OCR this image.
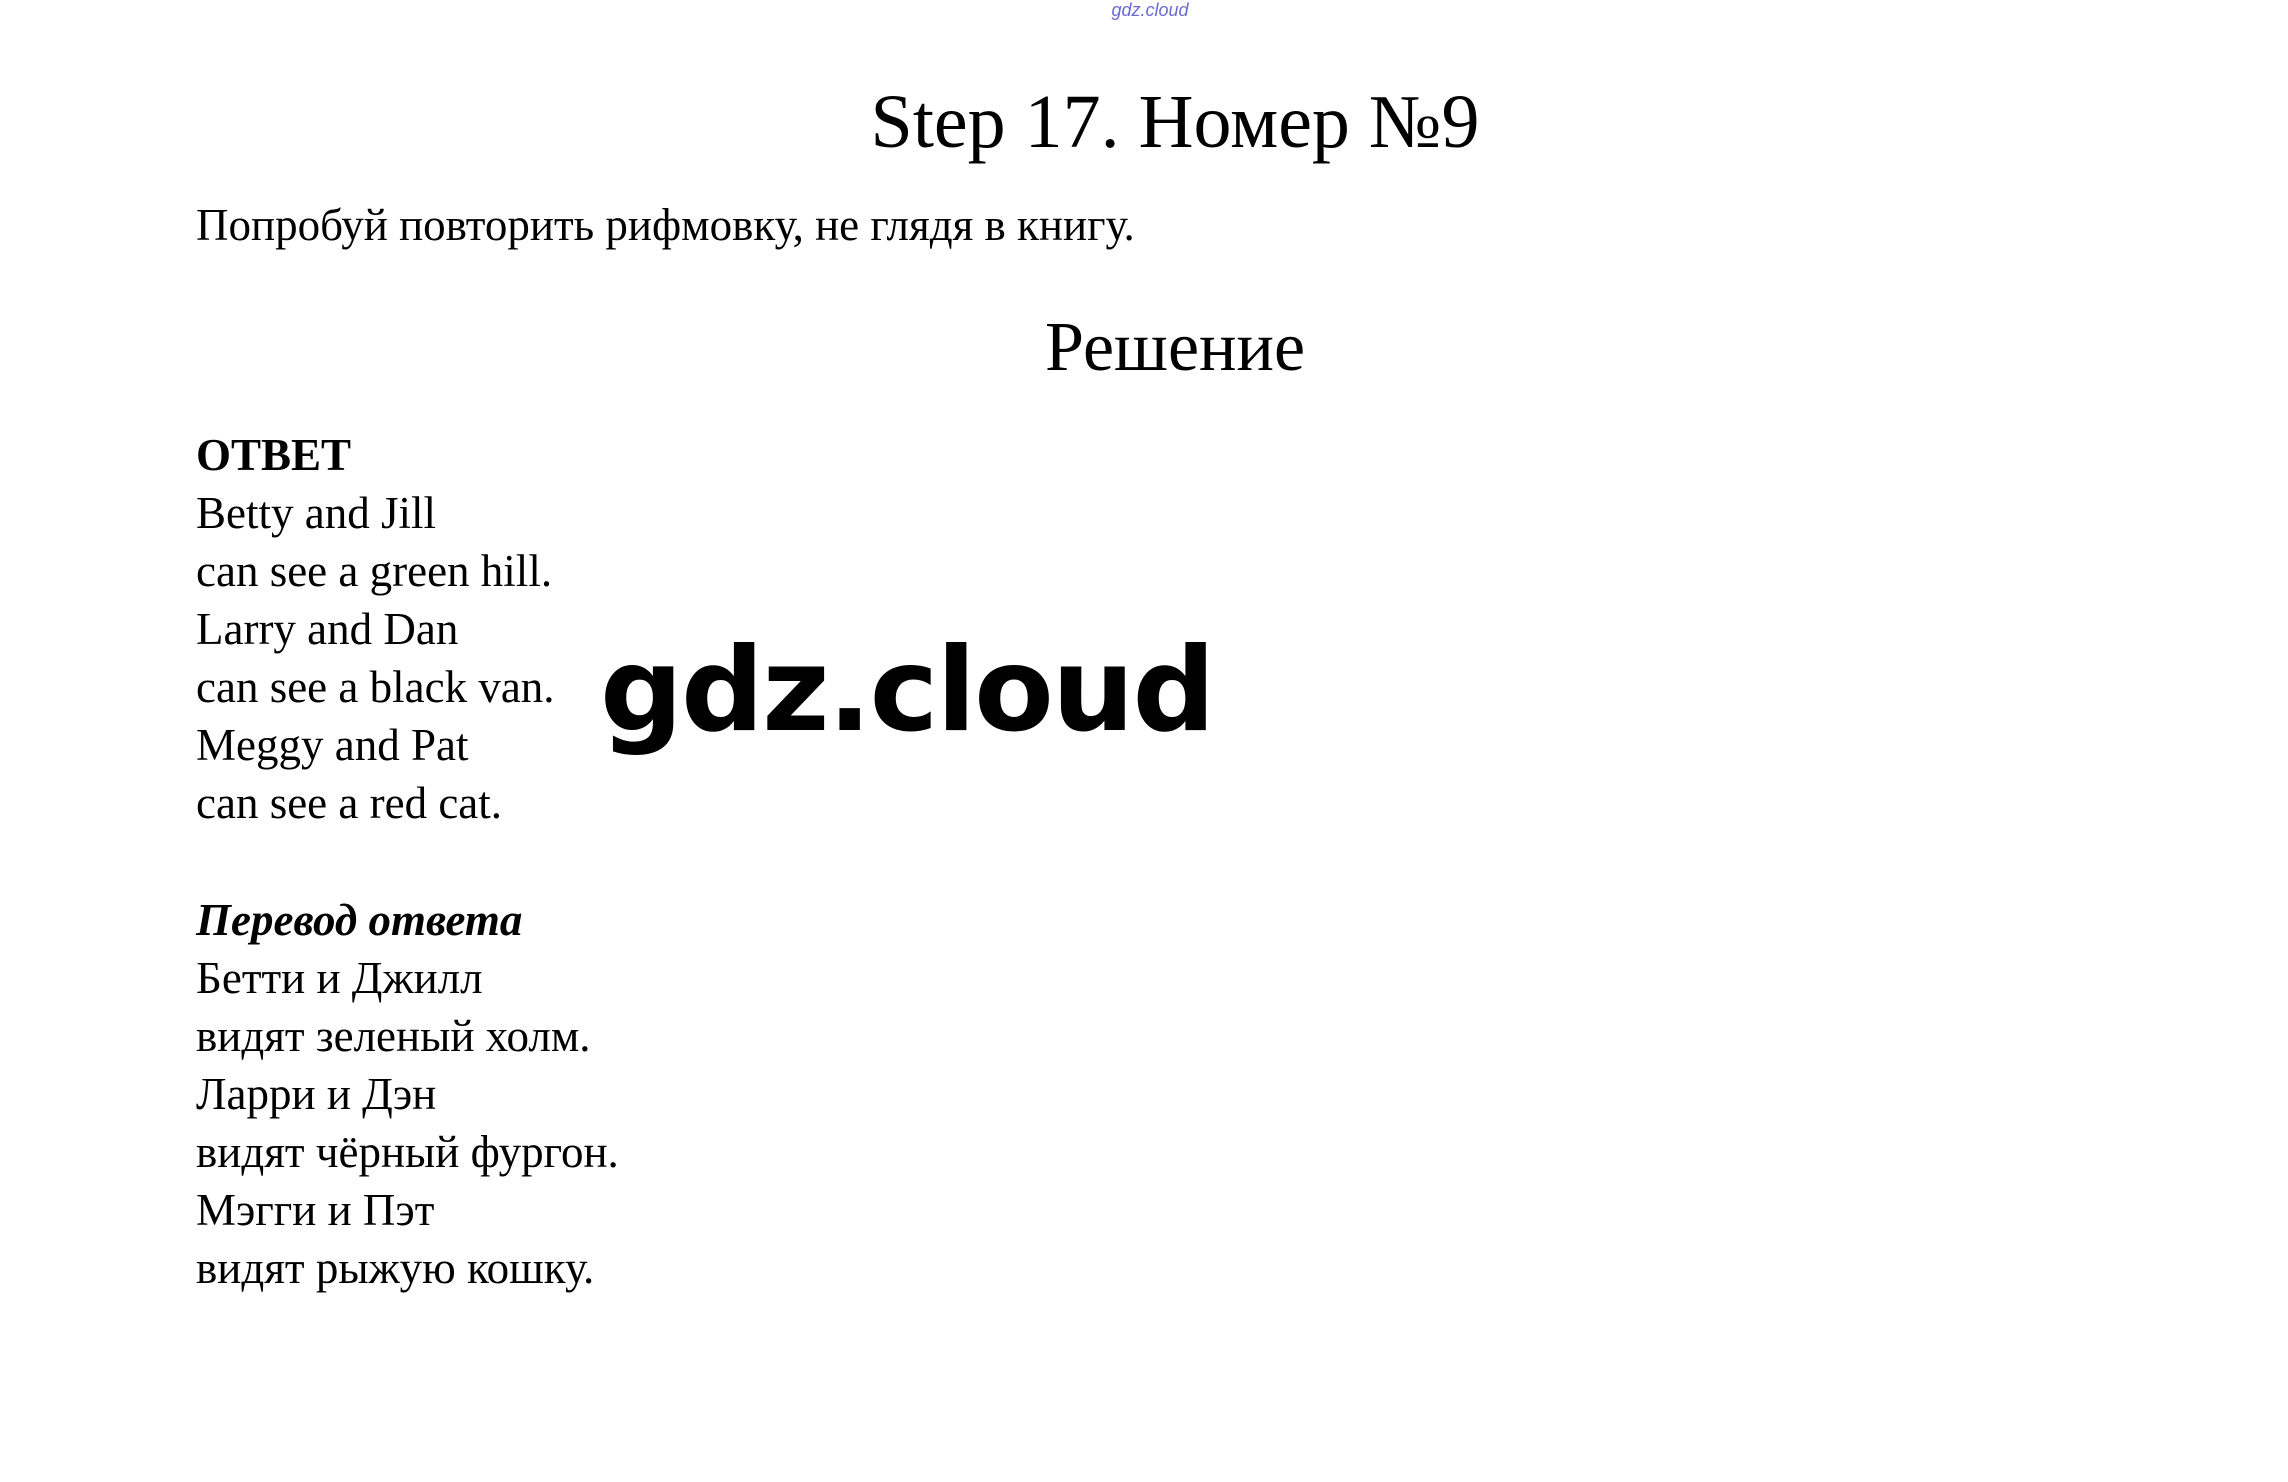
gdz.cloud
Step 17. Номер №9

Попробуй повторить рифмовку, не глядя в книгу.

Решение
ОТВЕТ
Betty and Jill
can see a green hill.
Larry and Dan
can see a black van.
Meggy and Pat
can see a red cat.
Перевод ответа
Бетти и Джилл
видят зеленый холм.
Ларри и Дэн
видят чёрный фургон.
Мэгги и Пэт
видят рыжую кошку.
gdz.cloud
